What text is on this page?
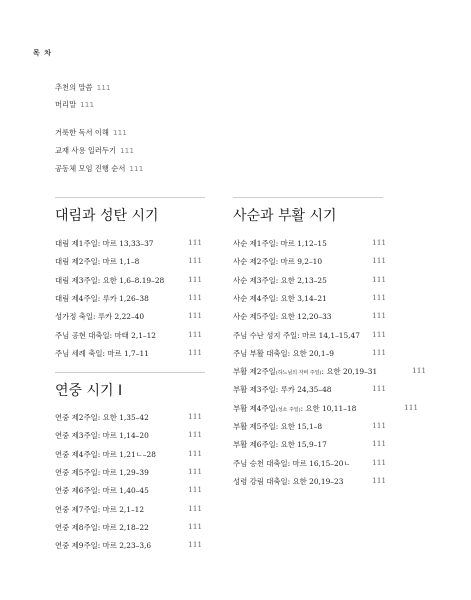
목 차
추천의 말씀 111
머리말 111
거룩한 독서 이해 111
교재 사용 일러두기 111
공동체 모임 진행 순서 111
대림과 성탄 시기
대림 제1주일: 마르 13,33–37	111
대림 제2주일: 마르 1,1–8	111
대림 제3주일: 요한 1,6–8.19–28	111
대림 제4주일: 루카 1,26–38	111
성가정 축일: 루카 2,22–40	111
주님 공현 대축일: 마태 2,1–12	111
주님 세례 축일: 마르 1,7–11	111
연중 시기 I
연중 제2주일: 요한 1,35–42	111
연중 제3주일: 마르 1,14–20	111
연중 제4주일: 마르 1,21ㄴ–28	111
연중 제5주일: 마르 1,29–39	111
연중 제6주일: 마르 1,40–45	111
연중 제7주일: 마르 2,1–12	111
연중 제8주일: 마르 2,18–22	111
연중 제9주일: 마르 2,23–3,6	111
사순과 부활 시기
사순 제1주일: 마르 1,12–15	111
사순 제2주일: 마르 9,2–10	111
사순 제3주일: 요한 2,13–25	111
사순 제4주일: 요한 3,14–21	111
사순 제5주일: 요한 12,20–33	111
주님 수난 성지 주일: 마르 14,1–15,47 111
주님 부활 대축일: 요한 20,1–9	111
부활 제2주일(하느님의 자비 주일): 요한 20,19–31	111
부활 제3주일: 루카 24,35–48	111
부활 제4주일(성소 주일): 요한 10,11–18	111
부활 제5주일: 요한 15,1–8	111
부활 제6주일: 요한 15,9–17	111
주님 승천 대축일: 마르 16,15–20ㄴ	111
성령 강림 대축일: 요한 20,19–23	111
